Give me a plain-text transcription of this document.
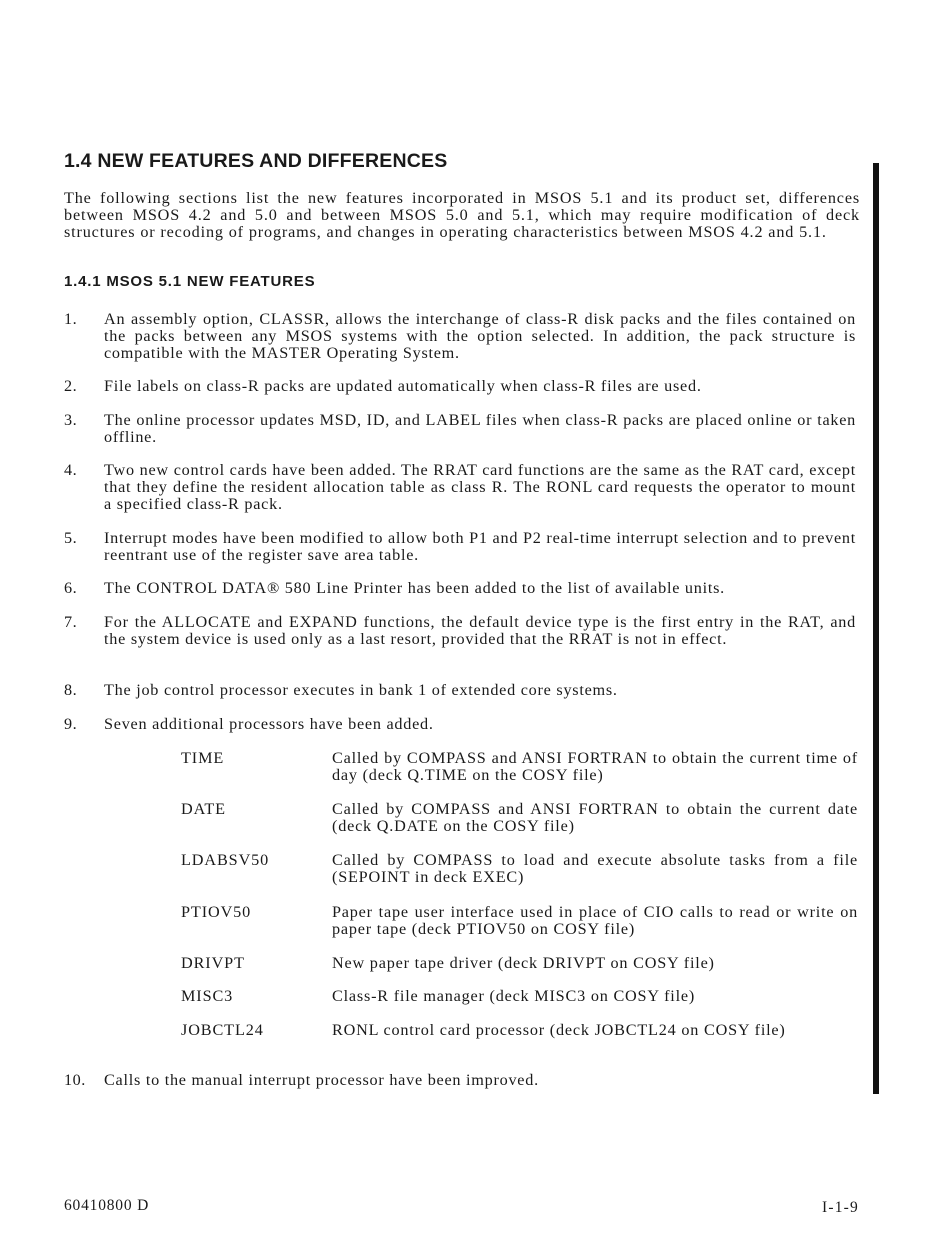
1.4 NEW FEATURES AND DIFFERENCES

The following sections list the new features incorporated in MSOS 5.1 and its product set, differences between MSOS 4.2 and 5.0 and between MSOS 5.0 and 5.1, which may require modification of deck structures or recoding of programs, and changes in operating characteristics between MSOS 4.2 and 5.1.

1.4.1 MSOS 5.1 NEW FEATURES
1. An assembly option, CLASSR, allows the interchange of class-R disk packs and the files contained on the packs between any MSOS systems with the option selected. In addition, the pack structure is compatible with the MASTER Operating System.

2. File labels on class-R packs are updated automatically when class-R files are used.

3. The online processor updates MSD, ID, and LABEL files when class-R packs are placed online or taken offline.

4. Two new control cards have been added. The RRAT card functions are the same as the RAT card, except that they define the resident allocation table as class R. The RONL card requests the operator to mount a specified class-R pack.

5. Interrupt modes have been modified to allow both P1 and P2 real-time interrupt selection and to prevent reentrant use of the register save area table.

6. The CONTROL DATA® 580 Line Printer has been added to the list of available units.

7. For the ALLOCATE and EXPAND functions, the default device type is the first entry in the RAT, and the system device is used only as a last resort, provided that the RRAT is not in effect.

8. The job control processor executes in bank 1 of extended core systems.

9. Seven additional processors have been added.

TIME	Called by COMPASS and ANSI FORTRAN to obtain the current time of day (deck Q.TIME on the COSY file)

DATE	Called by COMPASS and ANSI FORTRAN to obtain the current date (deck Q.DATE on the COSY file)

LDABSV50	Called by COMPASS to load and execute absolute tasks from a file (SEPOINT in deck EXEC)

PTIOV50	Paper tape user interface used in place of CIO calls to read or write on paper tape (deck PTIOV50 on COSY file)

DRIVPT	New paper tape driver (deck DRIVPT on COSY file)

MISC3	Class-R file manager (deck MISC3 on COSY file)

JOBCTL24	RONL control card processor (deck JOBCTL24 on COSY file)

10. Calls to the manual interrupt processor have been improved.

60410800 D	I-1-9
